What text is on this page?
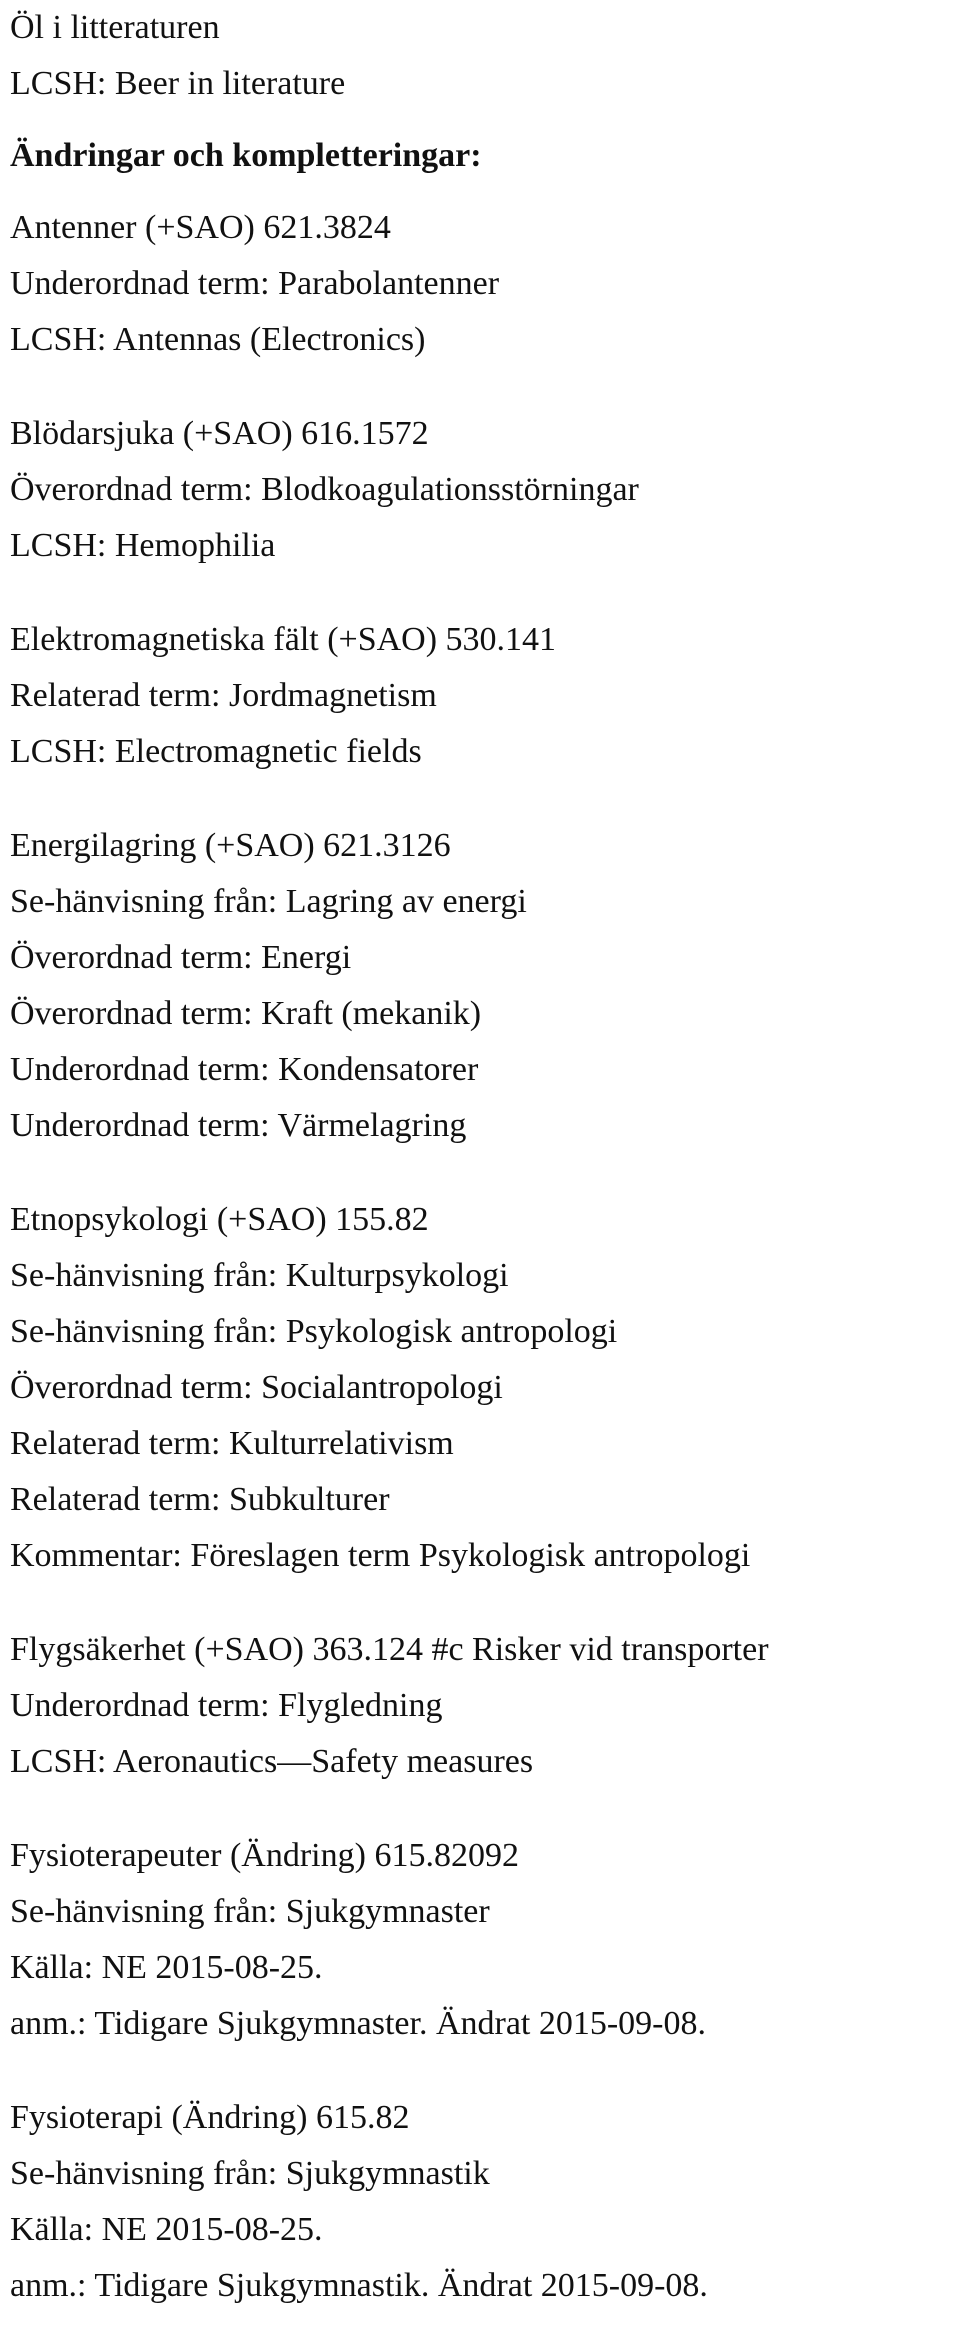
Öl i litteraturen
LCSH: Beer in literature
Ändringar och kompletteringar:
Antenner (+SAO) 621.3824
Underordnad term: Parabolantenner
LCSH: Antennas (Electronics)
Blödarsjuka (+SAO) 616.1572
Överordnad term: Blodkoagulationsstörningar
LCSH: Hemophilia
Elektromagnetiska fält (+SAO) 530.141
Relaterad term: Jordmagnetism
LCSH: Electromagnetic fields
Energilagring (+SAO) 621.3126
Se-hänvisning från: Lagring av energi
Överordnad term: Energi
Överordnad term: Kraft (mekanik)
Underordnad term: Kondensatorer
Underordnad term: Värmelagring
Etnopsykologi (+SAO) 155.82
Se-hänvisning från: Kulturpsykologi
Se-hänvisning från: Psykologisk antropologi
Överordnad term: Socialantropologi
Relaterad term: Kulturrelativism
Relaterad term: Subkulturer
Kommentar: Föreslagen term Psykologisk antropologi
Flygsäkerhet (+SAO) 363.124 #c Risker vid transporter
Underordnad term: Flygledning
LCSH: Aeronautics—Safety measures
Fysioterapeuter (Ändring) 615.82092
Se-hänvisning från: Sjukgymnaster
Källa: NE 2015-08-25.
anm.: Tidigare Sjukgymnaster. Ändrat 2015-09-08.
Fysioterapi (Ändring) 615.82
Se-hänvisning från: Sjukgymnastik
Källa: NE 2015-08-25.
anm.: Tidigare Sjukgymnastik. Ändrat 2015-09-08.
